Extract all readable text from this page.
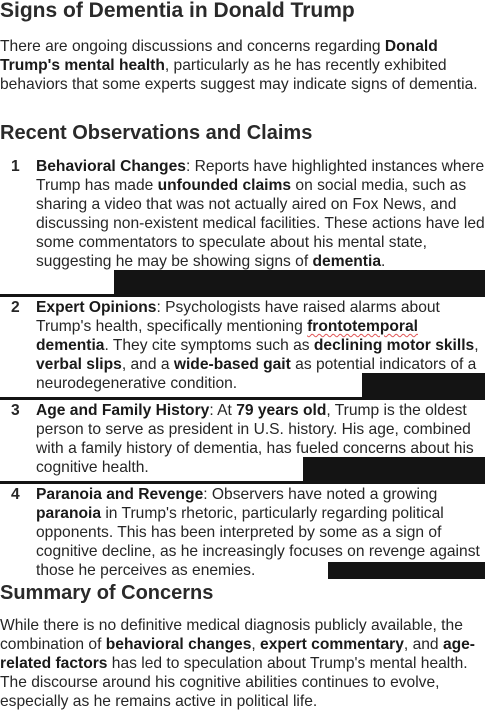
Signs of Dementia in Donald Trump

There are ongoing discussions and concerns regarding Donald Trump's mental health, particularly as he has recently exhibited behaviors that some experts suggest may indicate signs of dementia.

Recent Observations and Claims
1 Behavioral Changes: Reports have highlighted instances where Trump has made unfounded claims on social media, such as sharing a video that was not actually aired on Fox News, and discussing non-existent medical facilities. These actions have led some commentators to speculate about his mental state, suggesting he may be showing signs of dementia.

2 Expert Opinions: Psychologists have raised alarms about Trump's health, specifically mentioning frontotemporal dementia. They cite symptoms such as declining motor skills, verbal slips, and a wide-based gait as potential indicators of a neurodegenerative condition.

3 Age and Family History: At 79 years old, Trump is the oldest person to serve as president in U.S. history. His age, combined with a family history of dementia, has fueled concerns about his cognitive health.

4 Paranoia and Revenge: Observers have noted a growing paranoia in Trump's rhetoric, particularly regarding political opponents. This has been interpreted by some as a sign of cognitive decline, as he increasingly focuses on revenge against those he perceives as enemies.

Summary of Concerns

While there is no definitive medical diagnosis publicly available, the combination of behavioral changes, expert commentary, and age-related factors has led to speculation about Trump's mental health. The discourse around his cognitive abilities continues to evolve, especially as he remains active in political life.
